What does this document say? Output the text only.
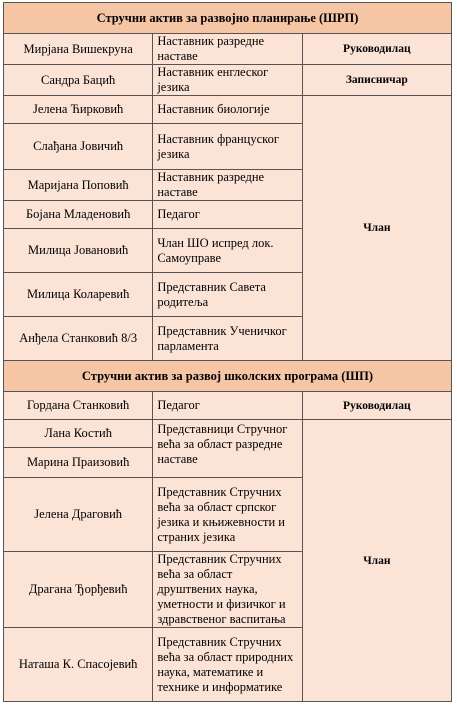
Стручни актив за развојно планирање (ШРП)		
Мирјана Вишекруна	Наставник разредне наставе	Руководилац
Сандра Бацић	Наставник енглеског језика	Записничар
Јелена Ћирковић	Наставник биологије	Члан
Слађана Јовичић	Наставник француског језика	
Маријана Поповић	Наставник разредне наставе	
Бојана Младеновић	Педагог	
Милица Јовановић	Члан ШО испред лок. Самоуправе	
Милица Коларевић	Представник Савета родитеља	
Анђела Станковић 8/3	Представник Ученичког парламента	
Стручни актив за развој школских програма (ШП)		
Гордана Станковић	Педагог	Руководилац
Лана Костић	Представници Стручног већа за област разредне наставе	Члан
Марина Праизовић		
Јелена Драговић	Представник Стручних већа за област српског језика и књижевности и страних језика	
Драгана Ђорђевић	Представник Стручних већа за област друштвених наука, уметности и физичког и здравственог васпитања	
Наташа К. Спасојевић	Представник Стручних већа за област природних наука, математике и технике и информатике	
